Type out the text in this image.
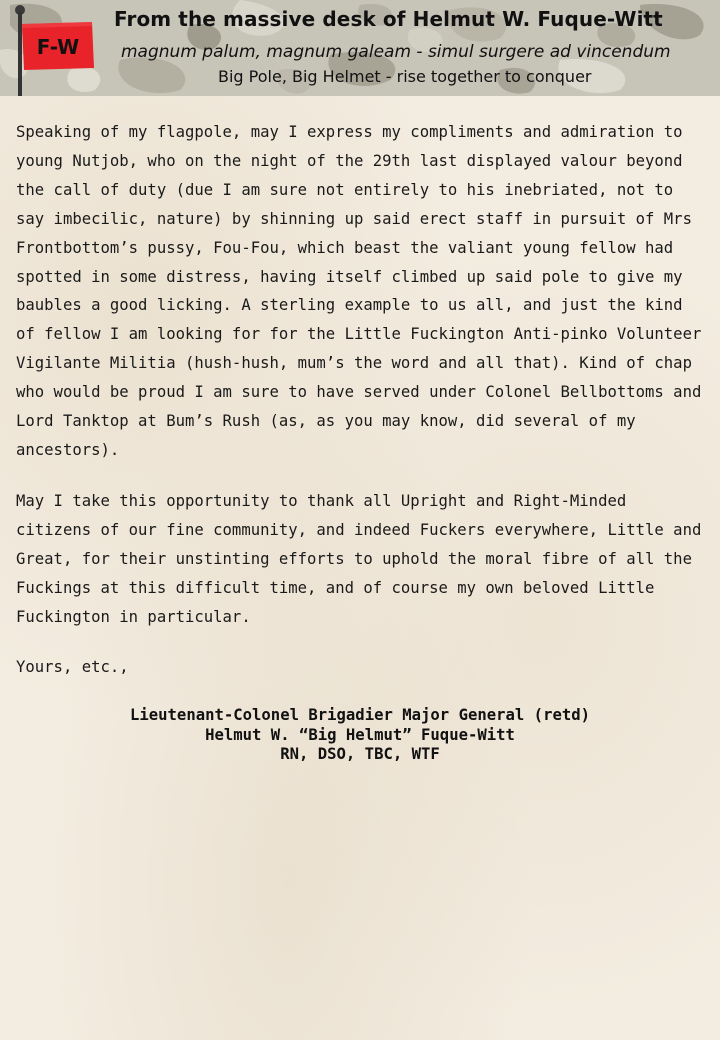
F-W
From the massive desk of Helmut W. Fuque-Witt
magnum palum, magnum galeam - simul surgere ad vincendum
Big Pole, Big Helmet - rise together to conquer

Speaking of my flagpole, may I express my compliments and admiration to young Nutjob, who on the night of the 29th last displayed valour beyond the call of duty (due I am sure not entirely to his inebriated, not to say imbecilic, nature) by shinning up said erect staff in pursuit of Mrs Frontbottom’s pussy, Fou-Fou, which beast the valiant young fellow had spotted in some distress, having itself climbed up said pole to give my baubles a good licking. A sterling example to us all, and just the kind of fellow I am looking for for the Little Fuckington Anti-pinko Volunteer Vigilante Militia (hush-hush, mum’s the word and all that). Kind of chap who would be proud I am sure to have served under Colonel Bellbottoms and Lord Tanktop at Bum’s Rush (as, as you may know, did several of my ancestors).

May I take this opportunity to thank all Upright and Right-Minded citizens of our fine community, and indeed Fuckers everywhere, Little and Great, for their unstinting efforts to uphold the moral fibre of all the Fuckings at this difficult time, and of course my own beloved Little Fuckington in particular.

Yours, etc.,

Lieutenant-Colonel Brigadier Major General (retd)
Helmut W. “Big Helmut” Fuque-Witt
RN, DSO, TBC, WTF
